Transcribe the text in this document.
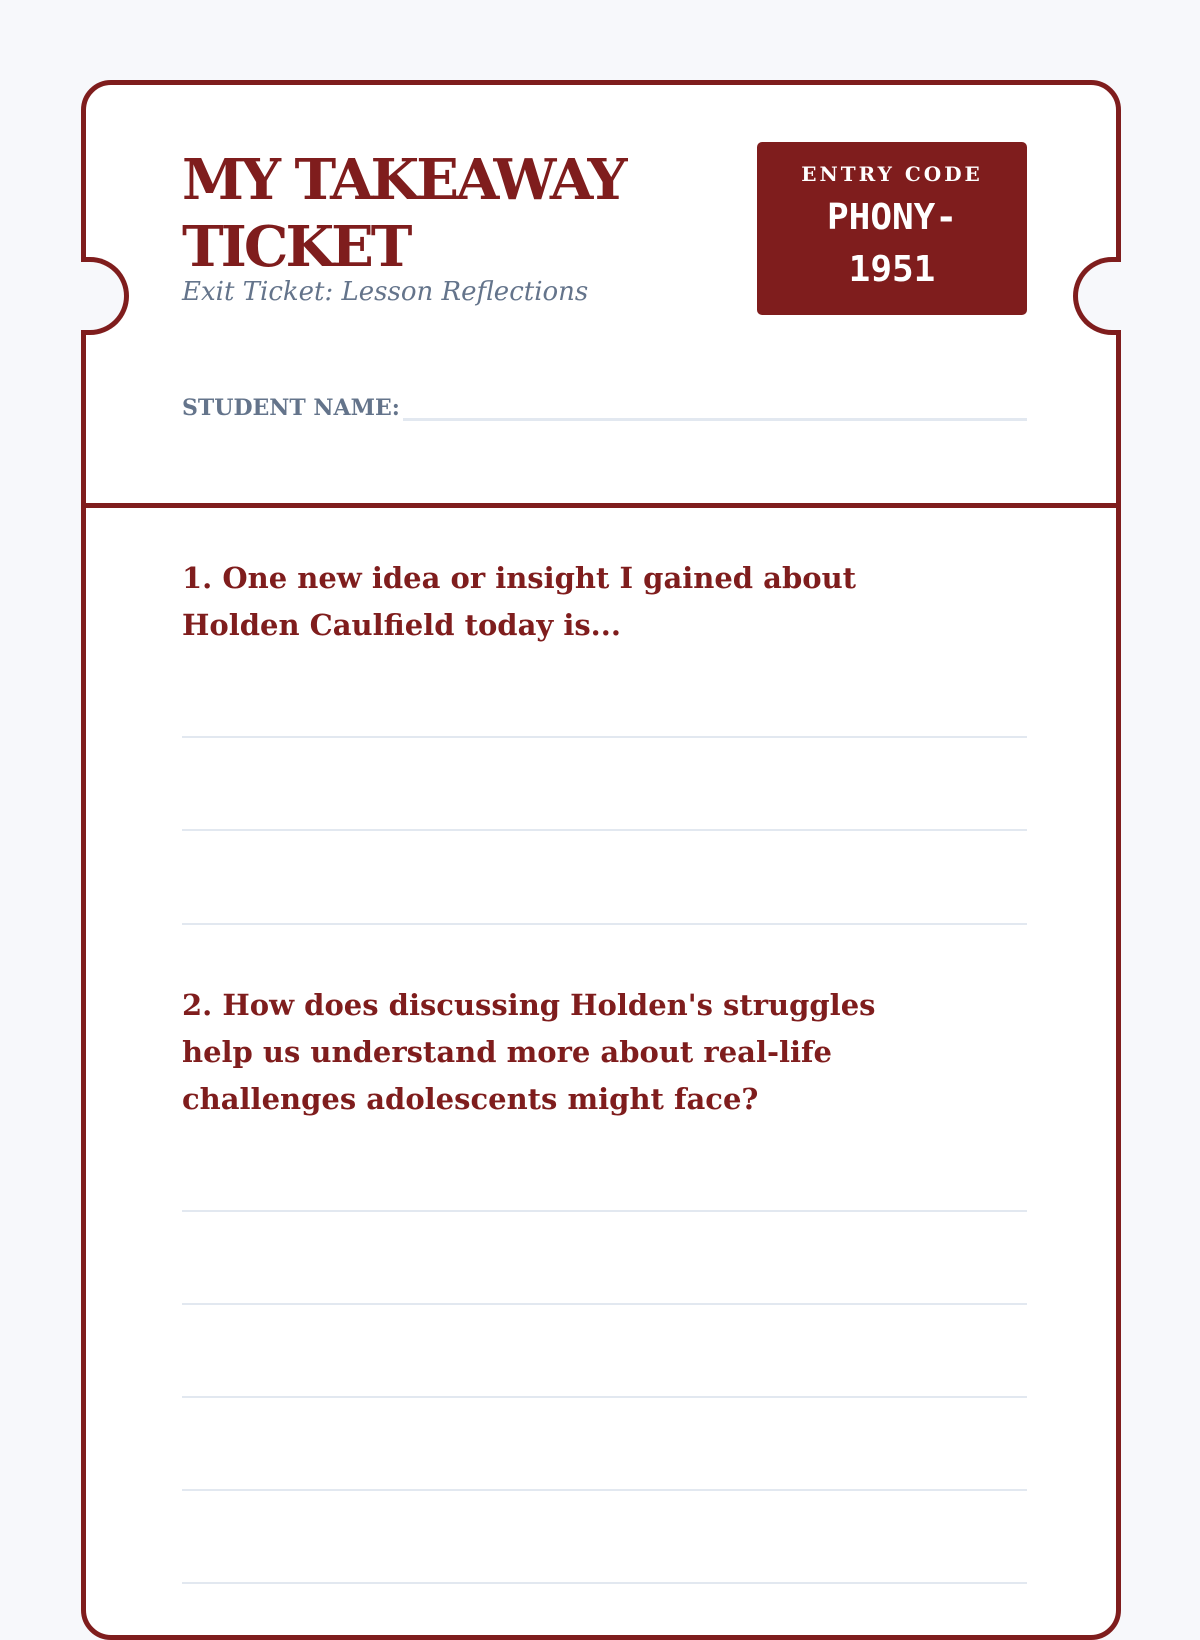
MY TAKEAWAY TICKET
Exit Ticket: Lesson Reflections
ENTRY CODE
PHONY-1951
STUDENT NAME:

1. One new idea or insight I gained about Holden Caulfield today is...

2. How does discussing Holden's struggles help us understand more about real-life challenges adolescents might face?
